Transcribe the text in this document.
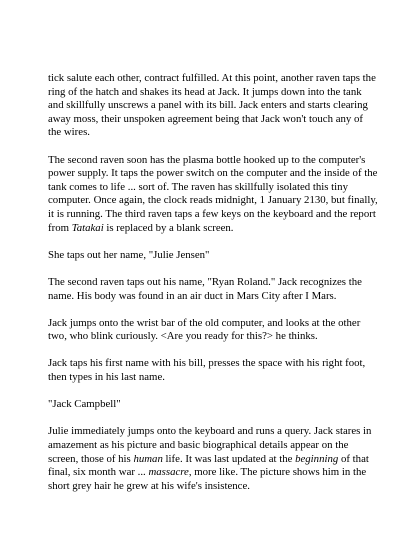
tick salute each other, contract fulfilled. At this point, another raven taps the ring of the hatch and shakes its head at Jack. It jumps down into the tank and skillfully unscrews a panel with its bill. Jack enters and starts clearing away moss, their unspoken agreement being that Jack won't touch any of the wires.

The second raven soon has the plasma bottle hooked up to the computer's power supply. It taps the power switch on the computer and the inside of the tank comes to life ... sort of. The raven has skillfully isolated this tiny computer. Once again, the clock reads midnight, 1 January 2130, but finally, it is running. The third raven taps a few keys on the keyboard and the report from Tatakai is replaced by a blank screen.

She taps out her name, "Julie Jensen"

The second raven taps out his name, "Ryan Roland." Jack recognizes the name. His body was found in an air duct in Mars City after I Mars.

Jack jumps onto the wrist bar of the old computer, and looks at the other two, who blink curiously. <Are you ready for this?> he thinks.

Jack taps his first name with his bill, presses the space with his right foot, then types in his last name.

"Jack Campbell"

Julie immediately jumps onto the keyboard and runs a query. Jack stares in amazement as his picture and basic biographical details appear on the screen, those of his human life. It was last updated at the beginning of that final, six month war ... massacre, more like. The picture shows him in the short grey hair he grew at his wife's insistence.
